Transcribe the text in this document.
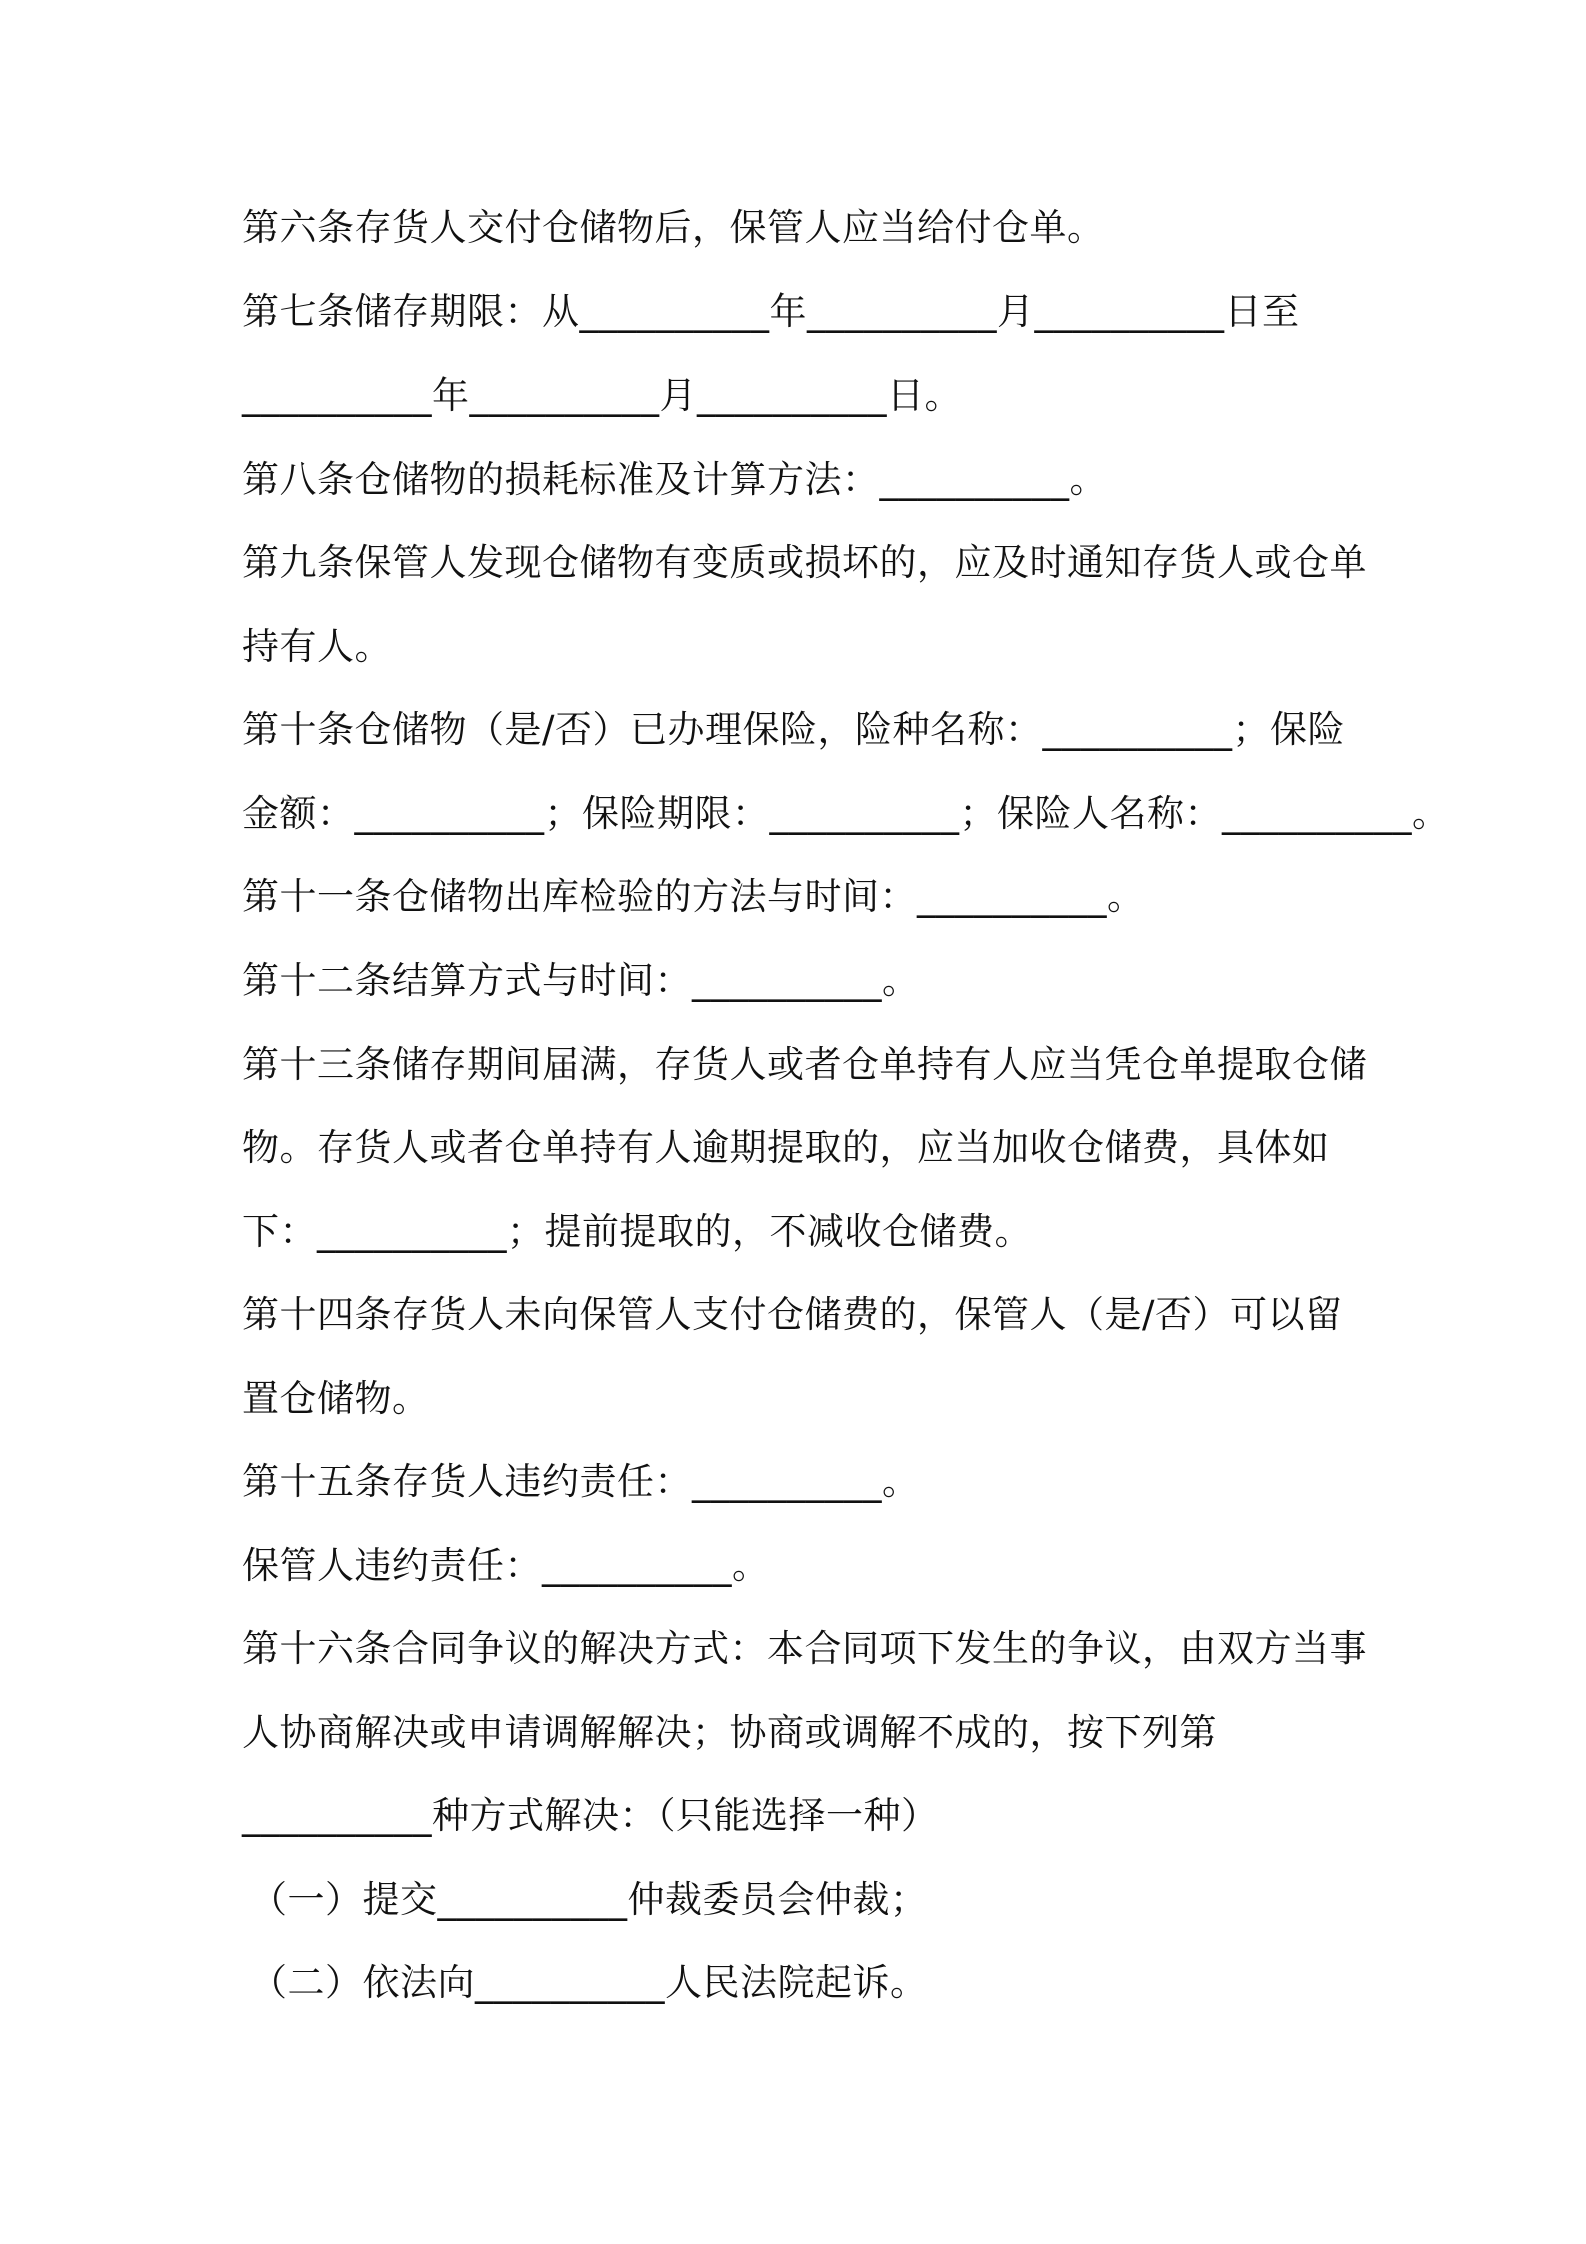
第六条存货人交付仓储物后，保管人应当给付仓单。
第七条储存期限：从__________年__________月__________日至
__________年__________月__________日。
第八条仓储物的损耗标准及计算方法：__________。
第九条保管人发现仓储物有变质或损坏的，应及时通知存货人或仓单
持有人。
第十条仓储物（是/否）已办理保险，险种名称：__________；保险
金额：__________；保险期限：__________；保险人名称：__________。
第十一条仓储物出库检验的方法与时间：__________。
第十二条结算方式与时间：__________。
第十三条储存期间届满，存货人或者仓单持有人应当凭仓单提取仓储
物。存货人或者仓单持有人逾期提取的，应当加收仓储费，具体如
下：__________；提前提取的，不减收仓储费。
第十四条存货人未向保管人支付仓储费的，保管人（是/否）可以留
置仓储物。
第十五条存货人违约责任：__________。
保管人违约责任：__________。
第十六条合同争议的解决方式：本合同项下发生的争议，由双方当事
人协商解决或申请调解解决；协商或调解不成的，按下列第
__________种方式解决：（只能选择一种）
（一）提交__________仲裁委员会仲裁；
（二）依法向__________人民法院起诉。
